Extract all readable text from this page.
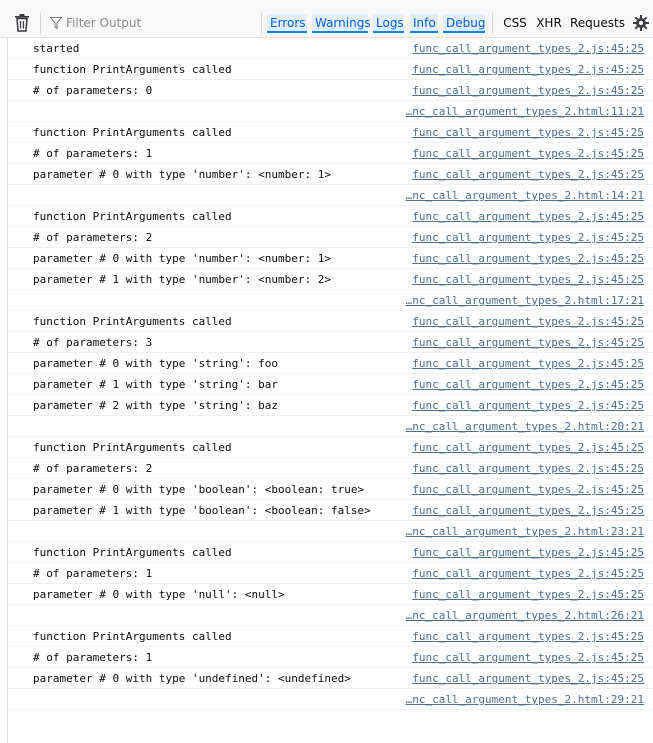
Filter Output
Errors Warnings Logs Info Debug CSS XHR Requests
started	func_call_argument_types_2.js:45:25
function PrintArguments called	func_call_argument_types_2.js:45:25
# of parameters: 0	func_call_argument_types_2.js:45:25
…nc_call_argument_types_2.html:11:21
function PrintArguments called	func_call_argument_types_2.js:45:25
# of parameters: 1	func_call_argument_types_2.js:45:25
parameter # 0 with type 'number': <number: 1>	func_call_argument_types_2.js:45:25
…nc_call_argument_types_2.html:14:21
function PrintArguments called	func_call_argument_types_2.js:45:25
# of parameters: 2	func_call_argument_types_2.js:45:25
parameter # 0 with type 'number': <number: 1>	func_call_argument_types_2.js:45:25
parameter # 1 with type 'number': <number: 2>	func_call_argument_types_2.js:45:25
…nc_call_argument_types_2.html:17:21
function PrintArguments called	func_call_argument_types_2.js:45:25
# of parameters: 3	func_call_argument_types_2.js:45:25
parameter # 0 with type 'string': foo	func_call_argument_types_2.js:45:25
parameter # 1 with type 'string': bar	func_call_argument_types_2.js:45:25
parameter # 2 with type 'string': baz	func_call_argument_types_2.js:45:25
…nc_call_argument_types_2.html:20:21
function PrintArguments called	func_call_argument_types_2.js:45:25
# of parameters: 2	func_call_argument_types_2.js:45:25
parameter # 0 with type 'boolean': <boolean: true>	func_call_argument_types_2.js:45:25
parameter # 1 with type 'boolean': <boolean: false>	func_call_argument_types_2.js:45:25
…nc_call_argument_types_2.html:23:21
function PrintArguments called	func_call_argument_types_2.js:45:25
# of parameters: 1	func_call_argument_types_2.js:45:25
parameter # 0 with type 'null': <null>	func_call_argument_types_2.js:45:25
…nc_call_argument_types_2.html:26:21
function PrintArguments called	func_call_argument_types_2.js:45:25
# of parameters: 1	func_call_argument_types_2.js:45:25
parameter # 0 with type 'undefined': <undefined>	func_call_argument_types_2.js:45:25
…nc_call_argument_types_2.html:29:21
